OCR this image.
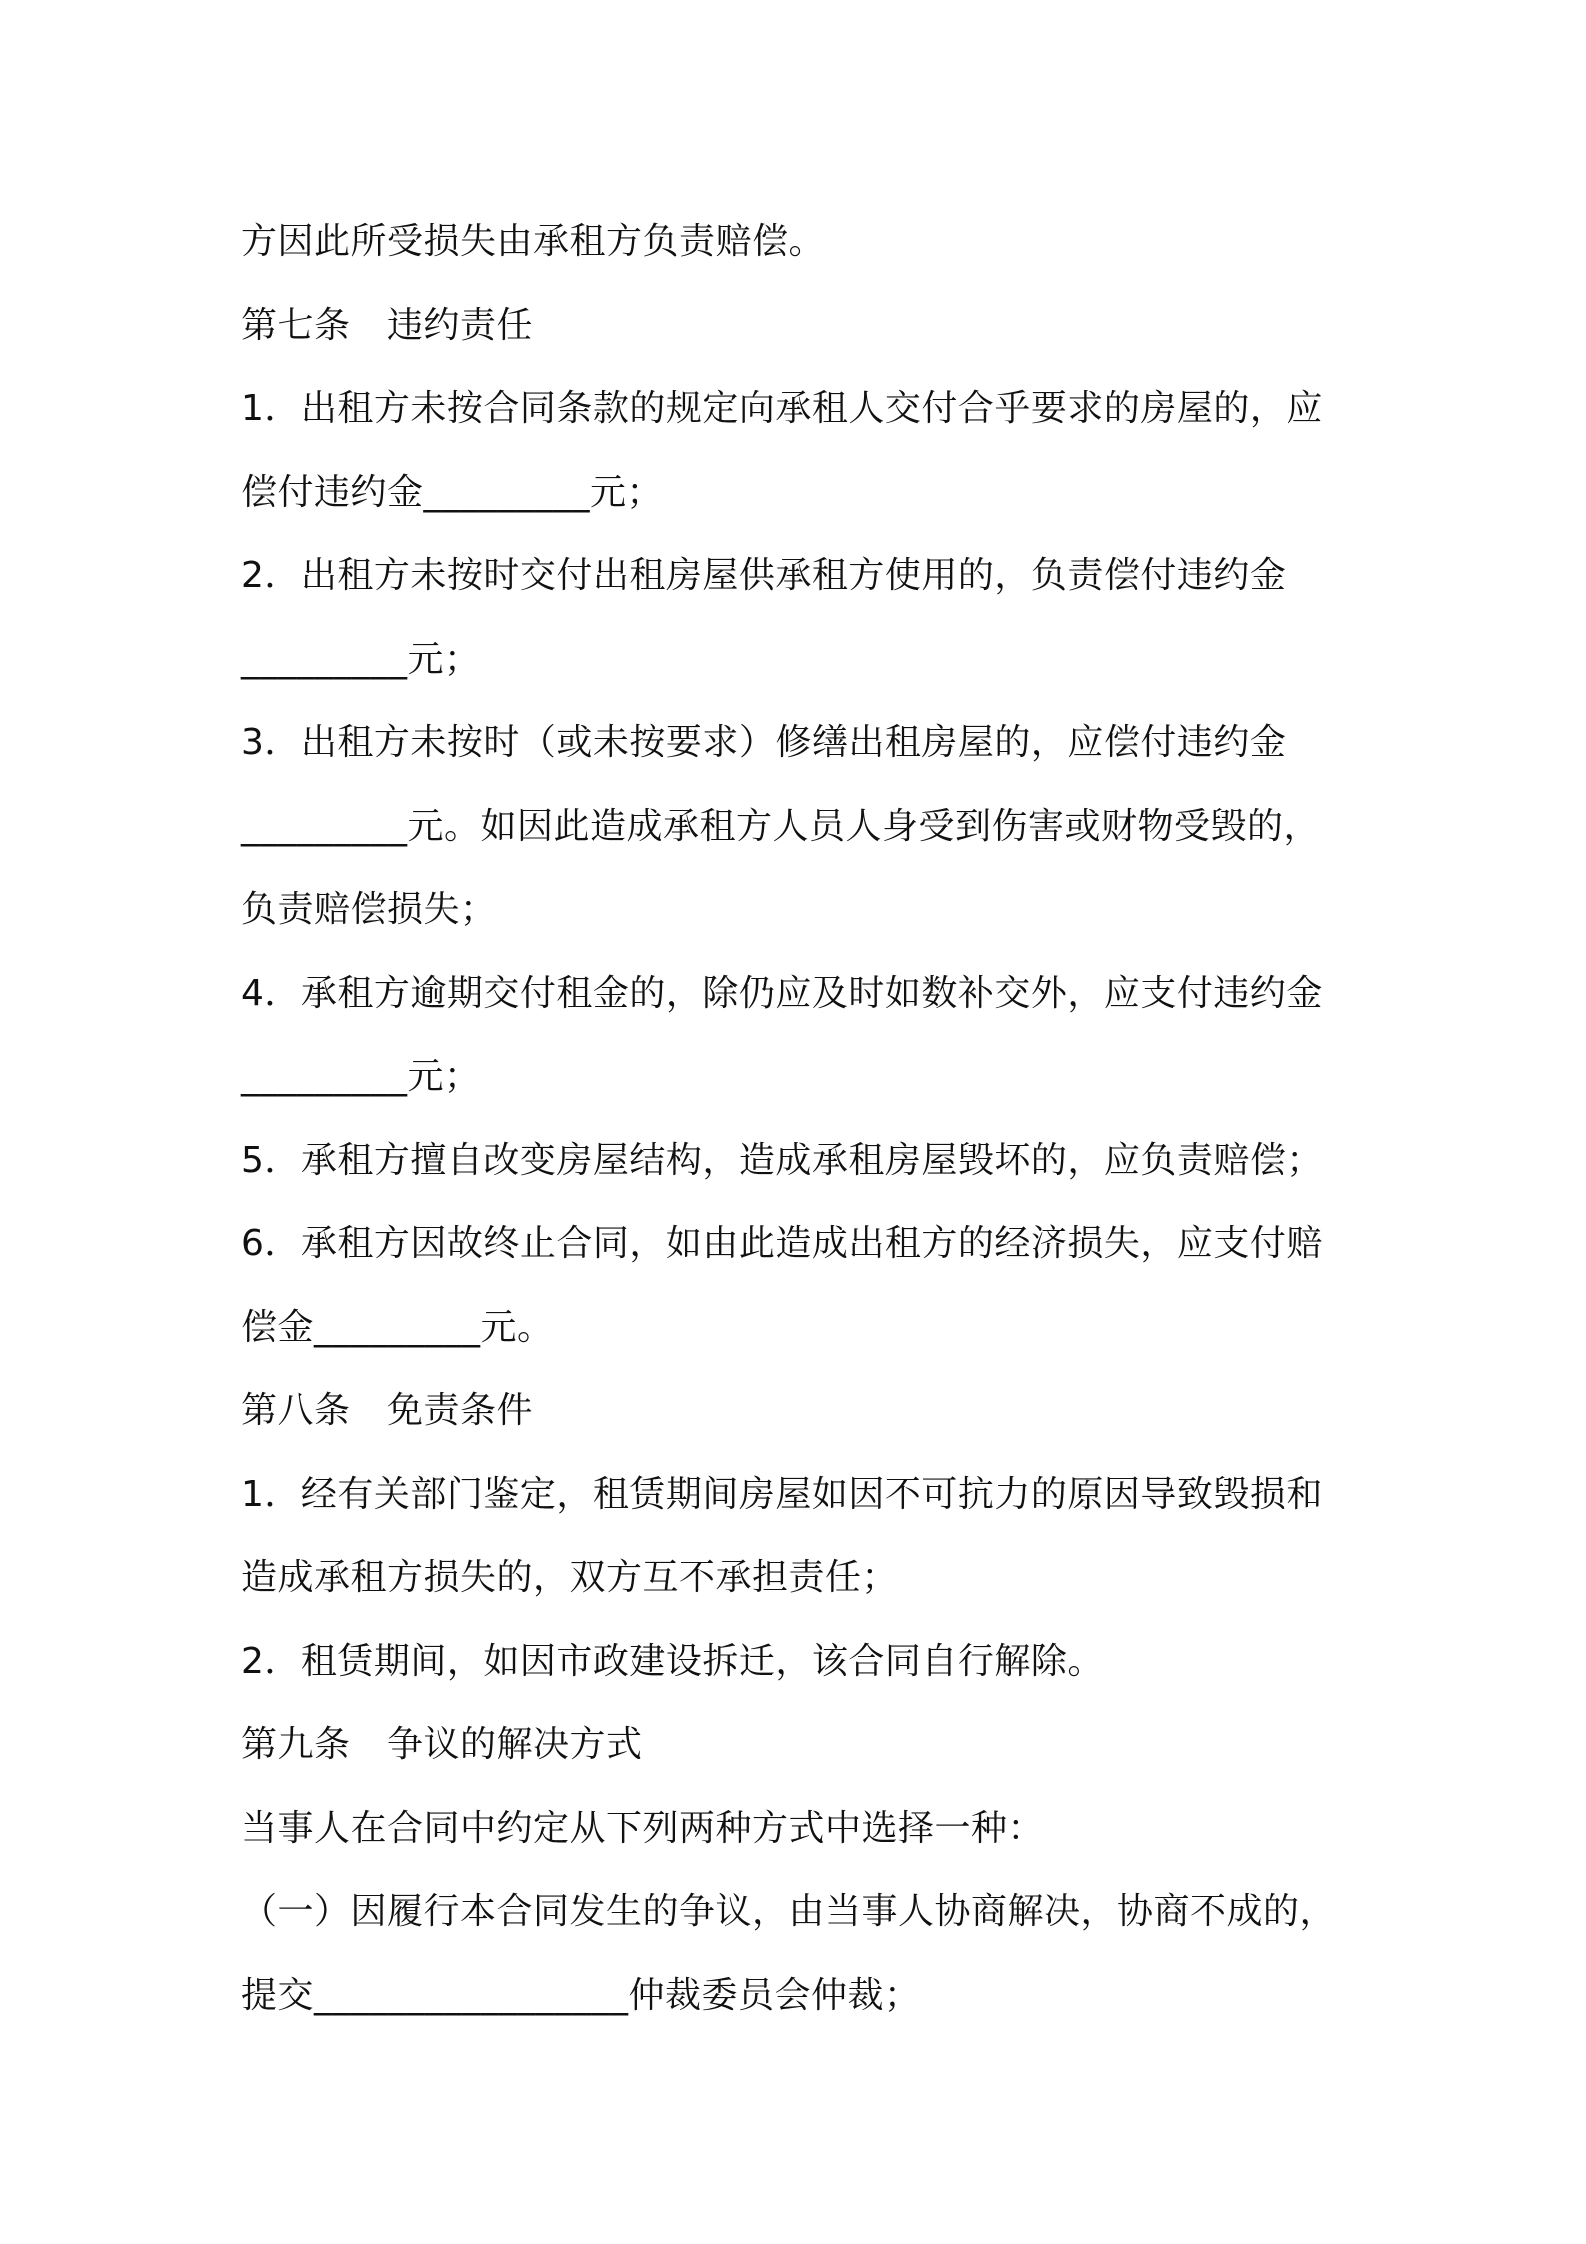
方因此所受损失由承租方负责赔偿。
第七条　违约责任
1．出租方未按合同条款的规定向承租人交付合乎要求的房屋的，应
偿付违约金_________元；
2．出租方未按时交付出租房屋供承租方使用的，负责偿付违约金
_________元；
3．出租方未按时（或未按要求）修缮出租房屋的，应偿付违约金
_________元。如因此造成承租方人员人身受到伤害或财物受毁的，
负责赔偿损失；
4．承租方逾期交付租金的，除仍应及时如数补交外，应支付违约金
_________元；
5．承租方擅自改变房屋结构，造成承租房屋毁坏的，应负责赔偿；
6．承租方因故终止合同，如由此造成出租方的经济损失，应支付赔
偿金_________元。
第八条　免责条件
1．经有关部门鉴定，租赁期间房屋如因不可抗力的原因导致毁损和
造成承租方损失的，双方互不承担责任；
2．租赁期间，如因市政建设拆迁，该合同自行解除。
第九条　争议的解决方式
当事人在合同中约定从下列两种方式中选择一种：
（一）因履行本合同发生的争议，由当事人协商解决，协商不成的，
提交_________________仲裁委员会仲裁；
